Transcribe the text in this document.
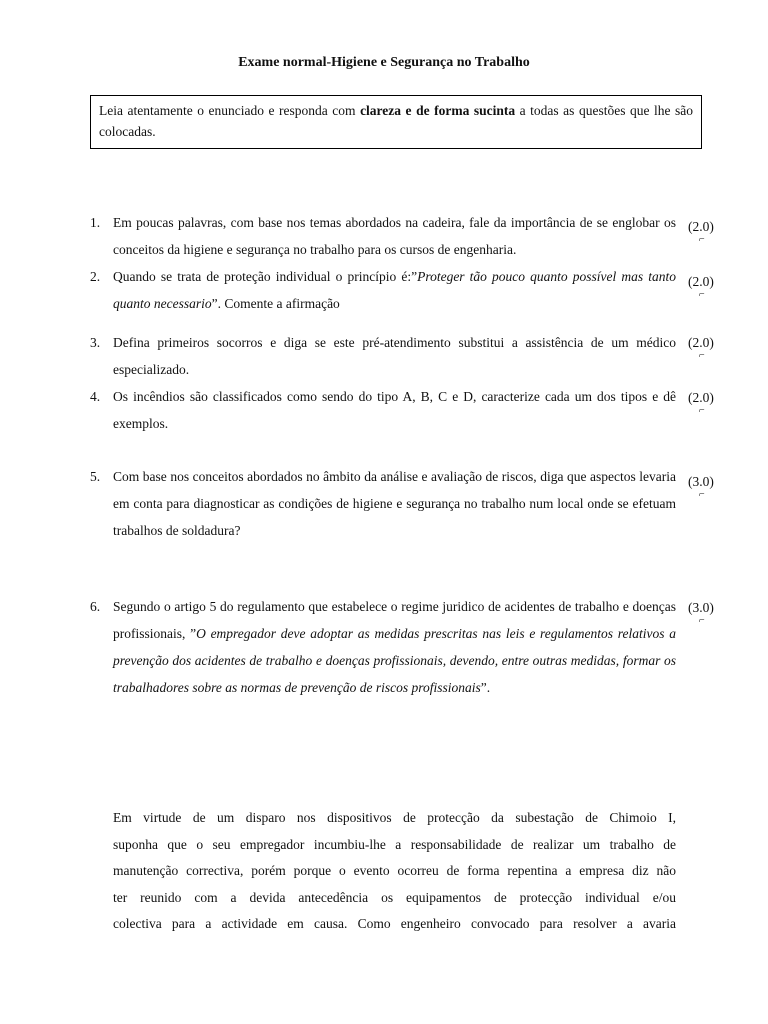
Exame normal-Higiene e Segurança no Trabalho
Leia atentamente o enunciado e responda com clareza e de forma sucinta a todas as questões que lhe são colocadas.
1. Em poucas palavras, com base nos temas abordados na cadeira, fale da importância de se englobar os conceitos da higiene e segurança no trabalho para os cursos de engenharia.

(2.0)
⌐
2. Quando se trata de proteção individual o princípio é:”Proteger tão pouco quanto possível mas tanto quanto necessario”. Comente a afirmação

(2.0)
⌐
3. Defina primeiros socorros e diga se este pré-atendimento substitui a assistência de um médico especializado.

(2.0)
⌐
4. Os incêndios são classificados como sendo do tipo A, B, C e D, caracterize cada um dos tipos e dê exemplos.

(2.0)
⌐
5. Com base nos conceitos abordados no âmbito da análise e avaliação de riscos, diga que aspectos levaria em conta para diagnosticar as condições de higiene e segurança no trabalho num local onde se efetuam trabalhos de soldadura?

(3.0)
⌐
6. Segundo o artigo 5 do regulamento que estabelece o regime juridico de acidentes de trabalho e doenças profissionais, ”O empregador deve adoptar as medidas prescritas nas leis e regulamentos relativos a prevenção dos acidentes de trabalho e doenças profissionais, devendo, entre outras medidas, formar os trabalhadores sobre as normas de prevenção de riscos profissionais”.

(3.0)
⌐
Em virtude de um disparo nos dispositivos de protecção da subestação de Chimoio I,
suponha que o seu empregador incumbiu-lhe a responsabilidade de realizar um trabalho de
manutenção correctiva, porém porque o evento ocorreu de forma repentina a empresa diz não
ter reunido com a devida antecedência os equipamentos de protecção individual e/ou
colectiva para a actividade em causa. Como engenheiro convocado para resolver a avaria
